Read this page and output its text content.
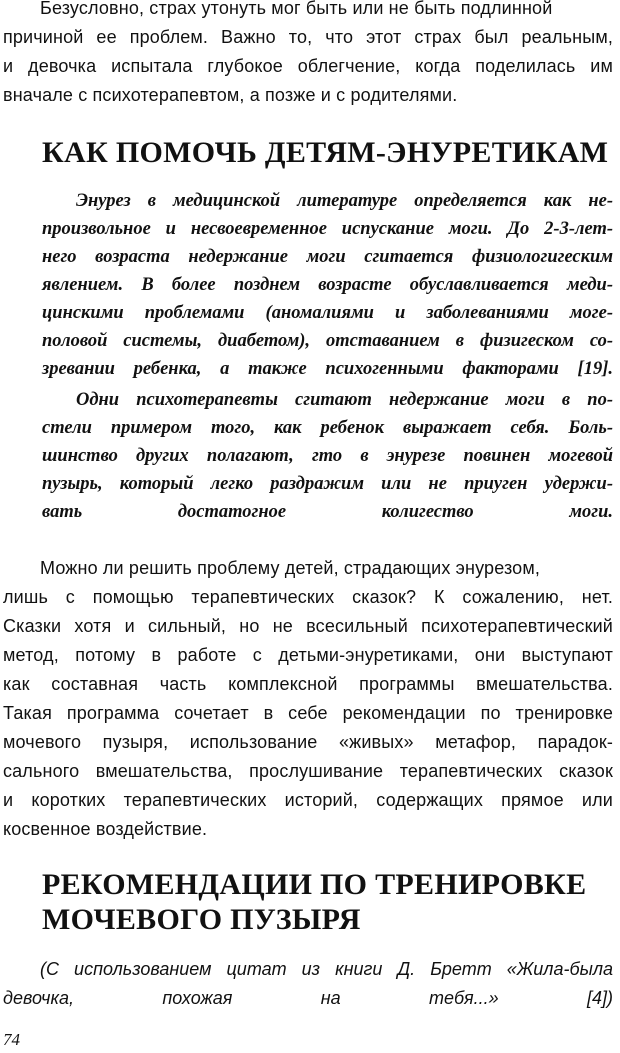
Безусловно, страх утонуть мог быть или не быть подлинной
причиной ее проблем. Важно то, что этот страх был реальным,
и девочка испытала глубокое облегчение, когда поделилась им
вначале с психотерапевтом, а позже и с родителями.
КАК ПОМОЧЬ ДЕТЯМ-ЭНУРЕТИКАМ
Энурез в медицинской литературе определяется как не-
произвольное и несвоевременное испускание моги. До 2-3-лет-
него возраста недержание моги сгитается физиологигеским
явлением. В более позднем возрасте обуславливается меди-
цинскими проблемами (аномалиями и заболеваниями моге-
половой системы, диабетом), отставанием в физигеском со-
зревании ребенка, а также психогенными факторами [19].
Одни психотерапевты сгитают недержание моги в по-
стели примером того, как ребенок выражает себя. Боль-
шинство других полагают, гто в энурезе повинен могевой
пузырь, который легко раздражим или не приуген удержи-
вать достатогное колигество моги.
Можно ли решить проблему детей, страдающих энурезом,
лишь с помощью терапевтических сказок? К сожалению, нет.
Сказки хотя и сильный, но не всесильный психотерапевтический
метод, потому в работе с детьми-энуретиками, они выступают
как составная часть комплексной программы вмешательства.
Такая программа сочетает в себе рекомендации по тренировке
мочевого пузыря, использование «живых» метафор, парадок-
сального вмешательства, прослушивание терапевтических сказок
и коротких терапевтических историй, содержащих прямое или
косвенное воздействие.
РЕКОМЕНДАЦИИ ПО ТРЕНИРОВКЕ
МОЧЕВОГО ПУЗЫРЯ
(С использованием цитат из книги Д. Бретт «Жила-была
девочка, похожая на тебя...» [4])
74
